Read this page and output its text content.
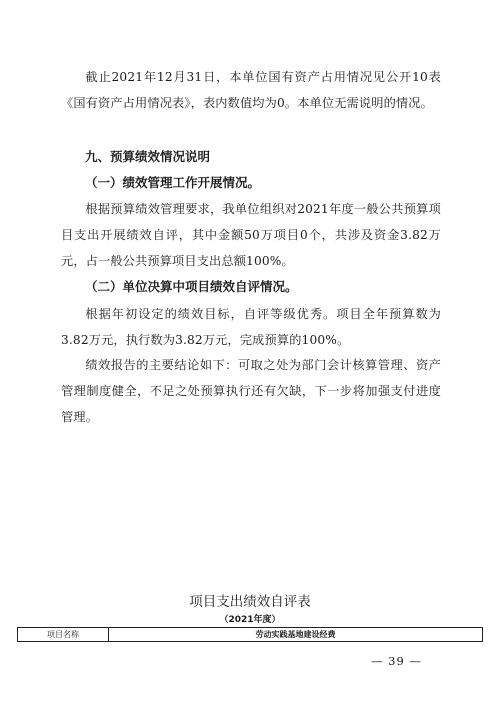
截止2021年12月31日，本单位国有资产占用情况见公开10表《国有资产占用情况表》，表内数值均为0。本单位无需说明的情况。

九、预算绩效情况说明

（一）绩效管理工作开展情况。

根据预算绩效管理要求，我单位组织对2021年度一般公共预算项目支出开展绩效自评，其中金额50万项目0个，共涉及资金3.82万元，占一般公共预算项目支出总额100%。

（二）单位决算中项目绩效自评情况。

根据年初设定的绩效目标，自评等级优秀。项目全年预算数为3.82万元，执行数为3.82万元，完成预算的100%。

绩效报告的主要结论如下：可取之处为部门会计核算管理、资产管理制度健全，不足之处预算执行还有欠缺，下一步将加强支付进度管理。

项目支出绩效自评表

（2021年度）

项目名称	劳动实践基地建设经费
— 39 —
